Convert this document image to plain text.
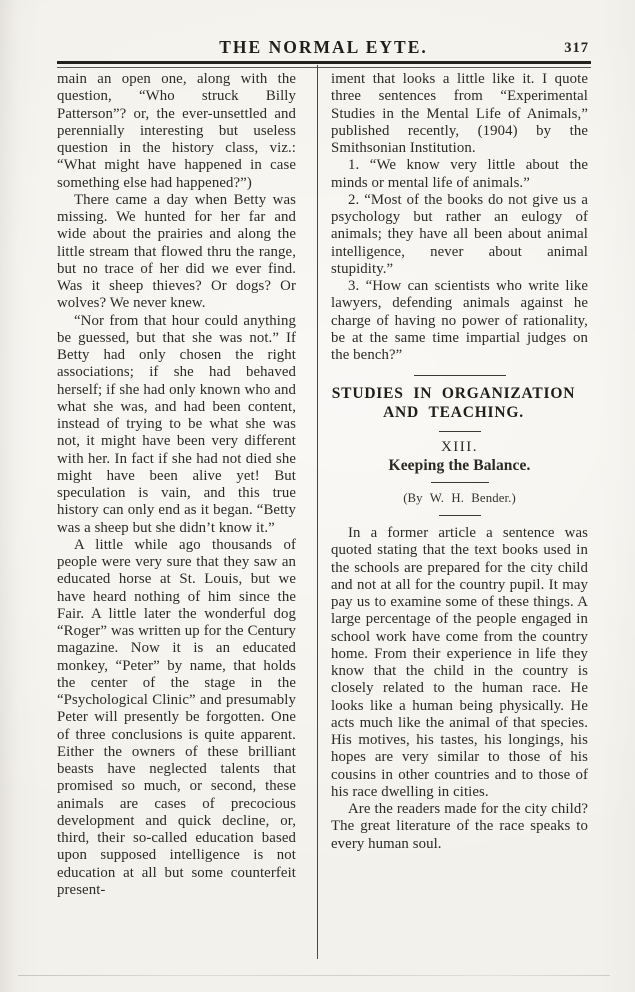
THE NORMAL EYTE.	317

main an open one, along with the question, “Who struck Billy Patterson”? or, the ever-unsettled and perennially interesting but useless question in the history class, viz.: “What might have happened in case something else had happened?”)

There came a day when Betty was missing. We hunted for her far and wide about the prairies and along the little stream that flowed thru the range, but no trace of her did we ever find. Was it sheep thieves? Or dogs? Or wolves? We never knew.

“Nor from that hour could anything be guessed, but that she was not.” If Betty had only chosen the right associations; if she had behaved herself; if she had only known who and what she was, and had been content, instead of trying to be what she was not, it might have been very different with her. In fact if she had not died she might have been alive yet! But speculation is vain, and this true history can only end as it began. “Betty was a sheep but she didn’t know it.”

A little while ago thousands of people were very sure that they saw an educated horse at St. Louis, but we have heard nothing of him since the Fair. A little later the wonderful dog “Roger” was written up for the Century magazine. Now it is an educated monkey, “Peter” by name, that holds the center of the stage in the “Psychological Clinic” and presumably Peter will presently be forgotten. One of three conclusions is quite apparent. Either the owners of these brilliant beasts have neglected talents that promised so much, or second, these animals are cases of precocious development and quick decline, or, third, their so-called education based upon supposed intelligence is not education at all but some counterfeit present-

iment that looks a little like it. I quote three sentences from “Experimental Studies in the Mental Life of Animals,” published recently, (1904) by the Smithsonian Institution.

1. “We know very little about the minds or mental life of animals.”

2. “Most of the books do not give us a psychology but rather an eulogy of animals; they have all been about animal intelligence, never about animal stupidity.”

3. “How can scientists who write like lawyers, defending animals against he charge of having no power of rationality, be at the same time impartial judges on the bench?”

STUDIES IN ORGANIZATION AND TEACHING.

XIII.

Keeping the Balance.

(By W. H. Bender.)

In a former article a sentence was quoted stating that the text books used in the schools are prepared for the city child and not at all for the country pupil. It may pay us to examine some of these things. A large percentage of the people engaged in school work have come from the country home. From their experience in life they know that the child in the country is closely related to the human race. He looks like a human being physically. He acts much like the animal of that species. His motives, his tastes, his longings, his hopes are very similar to those of his cousins in other countries and to those of his race dwelling in cities.

Are the readers made for the city child? The great literature of the race speaks to every human soul.
